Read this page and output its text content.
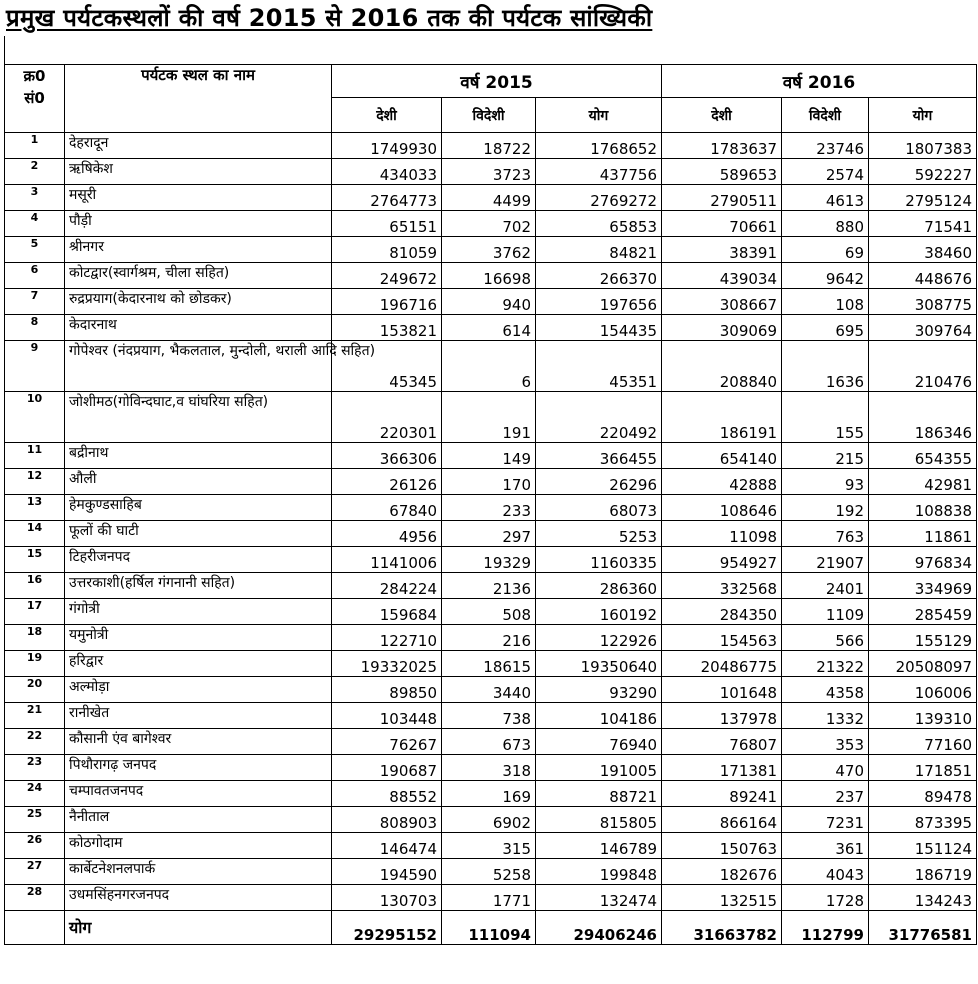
प्रमुख पर्यटकस्थलों की वर्ष 2015 से 2016 तक की पर्यटक सांख्यिकी
क्र0
सं0	पर्यटक स्थल का नाम	वर्ष 2015			वर्ष 2016		
		देशी	विदेशी	योग	देशी	विदेशी	योग
1	देहरादून	1749930	18722	1768652	1783637	23746	1807383
2	ऋषिकेश	434033	3723	437756	589653	2574	592227
3	मसूरी	2764773	4499	2769272	2790511	4613	2795124
4	पौड़ी	65151	702	65853	70661	880	71541
5	श्रीनगर	81059	3762	84821	38391	69	38460
6	कोटद्वार(स्वार्गश्रम, चीला सहित)	249672	16698	266370	439034	9642	448676
7	रुद्रप्रयाग(केदारनाथ को छोडकर)	196716	940	197656	308667	108	308775
8	केदारनाथ	153821	614	154435	309069	695	309764
9	गोपेश्वर (नंदप्रयाग, भैकलताल, मुन्दोली, थराली आदि सहित)	45345	6	45351	208840	1636	210476
10	जोशीमठ(गोविन्दघाट,व घांघरिया सहित)	220301	191	220492	186191	155	186346
11	बद्रीनाथ	366306	149	366455	654140	215	654355
12	औली	26126	170	26296	42888	93	42981
13	हेमकुण्डसाहिब	67840	233	68073	108646	192	108838
14	फूलों की घाटी	4956	297	5253	11098	763	11861
15	टिहरीजनपद	1141006	19329	1160335	954927	21907	976834
16	उत्तरकाशी(हर्षिल गंगनानी सहित)	284224	2136	286360	332568	2401	334969
17	गंगोत्री	159684	508	160192	284350	1109	285459
18	यमुनोत्री	122710	216	122926	154563	566	155129
19	हरिद्वार	19332025	18615	19350640	20486775	21322	20508097
20	अल्मोड़ा	89850	3440	93290	101648	4358	106006
21	रानीखेत	103448	738	104186	137978	1332	139310
22	कौसानी एंव बागेश्वर	76267	673	76940	76807	353	77160
23	पिथौरागढ़ जनपद	190687	318	191005	171381	470	171851
24	चम्पावतजनपद	88552	169	88721	89241	237	89478
25	नैनीताल	808903	6902	815805	866164	7231	873395
26	कोठगोदाम	146474	315	146789	150763	361	151124
27	कार्बेटनेशनलपार्क	194590	5258	199848	182676	4043	186719
28	उधमसिंहनगरजनपद	130703	1771	132474	132515	1728	134243
	योग	29295152	111094	29406246	31663782	112799	31776581
